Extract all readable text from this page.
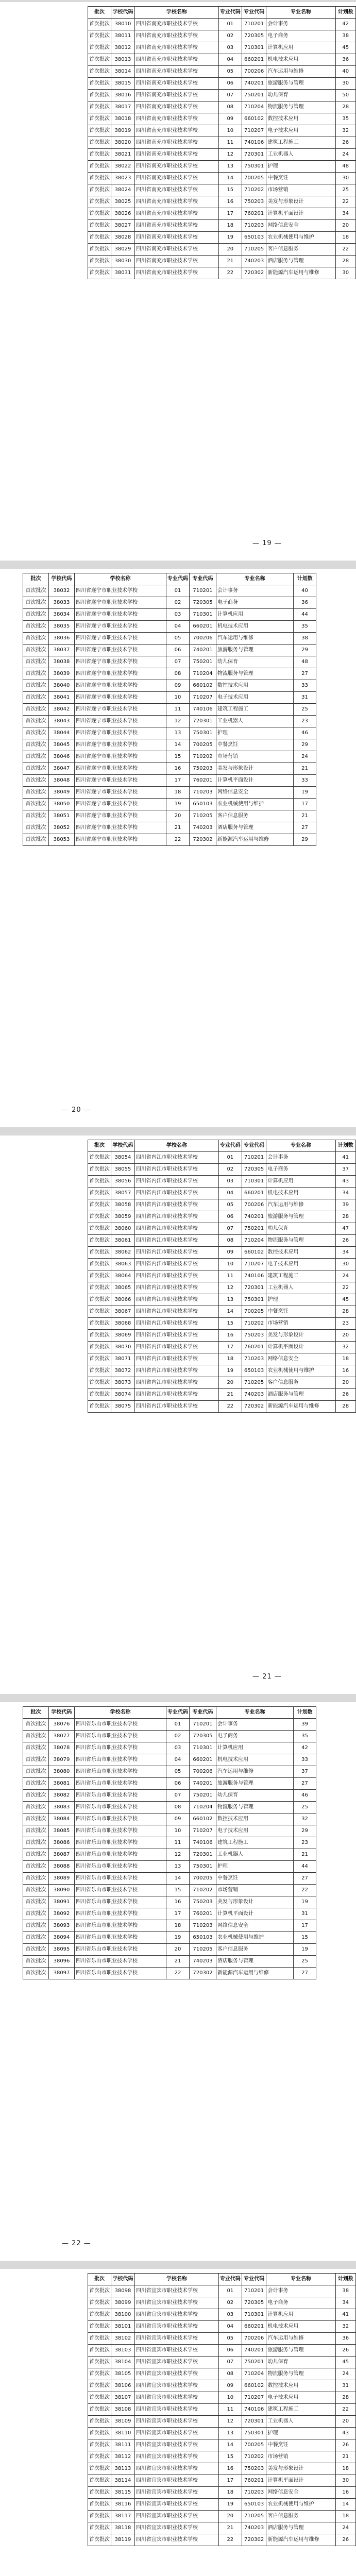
批次	学校代码	学校名称	专业代码	专业代码	专业名称	计划数
首次批次	38010	四川省南充市职业技术学校	01	710201	会计事务	42
首次批次	38011	四川省南充市职业技术学校	02	720305	电子商务	38
首次批次	38012	四川省南充市职业技术学校	03	710301	计算机应用	45
首次批次	38013	四川省南充市职业技术学校	04	660201	机电技术应用	36
首次批次	38014	四川省南充市职业技术学校	05	700206	汽车运用与维修	40
首次批次	38015	四川省南充市职业技术学校	06	740201	旅游服务与管理	30
首次批次	38016	四川省南充市职业技术学校	07	750201	幼儿保育	50
首次批次	38017	四川省南充市职业技术学校	08	710204	物流服务与管理	28
首次批次	38018	四川省南充市职业技术学校	09	660102	数控技术应用	35
首次批次	38019	四川省南充市职业技术学校	10	710207	电子技术应用	32
首次批次	38020	四川省南充市职业技术学校	11	740106	建筑工程施工	26
首次批次	38021	四川省南充市职业技术学校	12	720301	工业机器人	24
首次批次	38022	四川省南充市职业技术学校	13	750301	护理	48
首次批次	38023	四川省南充市职业技术学校	14	700205	中餐烹饪	30
首次批次	38024	四川省南充市职业技术学校	15	710202	市场营销	25
首次批次	38025	四川省南充市职业技术学校	16	750203	美发与形象设计	22
首次批次	38026	四川省南充市职业技术学校	17	760201	计算机平面设计	34
首次批次	38027	四川省南充市职业技术学校	18	710203	网络信息安全	20
首次批次	38028	四川省南充市职业技术学校	19	650103	农业机械使用与维护	18
首次批次	38029	四川省南充市职业技术学校	20	710205	客户信息服务	22
首次批次	38030	四川省南充市职业技术学校	21	740203	酒店服务与管理	28
首次批次	38031	四川省南充市职业技术学校	22	720302	新能源汽车运用与维修	30
— 19 —
批次	学校代码	学校名称	专业代码	专业代码	专业名称	计划数
首次批次	38032	四川省遂宁市职业技术学校	01	710201	会计事务	40
首次批次	38033	四川省遂宁市职业技术学校	02	720305	电子商务	36
首次批次	38034	四川省遂宁市职业技术学校	03	710301	计算机应用	44
首次批次	38035	四川省遂宁市职业技术学校	04	660201	机电技术应用	35
首次批次	38036	四川省遂宁市职业技术学校	05	700206	汽车运用与维修	38
首次批次	38037	四川省遂宁市职业技术学校	06	740201	旅游服务与管理	29
首次批次	38038	四川省遂宁市职业技术学校	07	750201	幼儿保育	48
首次批次	38039	四川省遂宁市职业技术学校	08	710204	物流服务与管理	27
首次批次	38040	四川省遂宁市职业技术学校	09	660102	数控技术应用	33
首次批次	38041	四川省遂宁市职业技术学校	10	710207	电子技术应用	31
首次批次	38042	四川省遂宁市职业技术学校	11	740106	建筑工程施工	25
首次批次	38043	四川省遂宁市职业技术学校	12	720301	工业机器人	23
首次批次	38044	四川省遂宁市职业技术学校	13	750301	护理	46
首次批次	38045	四川省遂宁市职业技术学校	14	700205	中餐烹饪	29
首次批次	38046	四川省遂宁市职业技术学校	15	710202	市场营销	24
首次批次	38047	四川省遂宁市职业技术学校	16	750203	美发与形象设计	21
首次批次	38048	四川省遂宁市职业技术学校	17	760201	计算机平面设计	33
首次批次	38049	四川省遂宁市职业技术学校	18	710203	网络信息安全	19
首次批次	38050	四川省遂宁市职业技术学校	19	650103	农业机械使用与维护	17
首次批次	38051	四川省遂宁市职业技术学校	20	710205	客户信息服务	21
首次批次	38052	四川省遂宁市职业技术学校	21	740203	酒店服务与管理	27
首次批次	38053	四川省遂宁市职业技术学校	22	720302	新能源汽车运用与维修	29
— 20 —
批次	学校代码	学校名称	专业代码	专业代码	专业名称	计划数
首次批次	38054	四川省内江市职业技术学校	01	710201	会计事务	41
首次批次	38055	四川省内江市职业技术学校	02	720305	电子商务	37
首次批次	38056	四川省内江市职业技术学校	03	710301	计算机应用	43
首次批次	38057	四川省内江市职业技术学校	04	660201	机电技术应用	34
首次批次	38058	四川省内江市职业技术学校	05	700206	汽车运用与维修	39
首次批次	38059	四川省内江市职业技术学校	06	740201	旅游服务与管理	28
首次批次	38060	四川省内江市职业技术学校	07	750201	幼儿保育	47
首次批次	38061	四川省内江市职业技术学校	08	710204	物流服务与管理	26
首次批次	38062	四川省内江市职业技术学校	09	660102	数控技术应用	34
首次批次	38063	四川省内江市职业技术学校	10	710207	电子技术应用	30
首次批次	38064	四川省内江市职业技术学校	11	740106	建筑工程施工	24
首次批次	38065	四川省内江市职业技术学校	12	720301	工业机器人	22
首次批次	38066	四川省内江市职业技术学校	13	750301	护理	45
首次批次	38067	四川省内江市职业技术学校	14	700205	中餐烹饪	28
首次批次	38068	四川省内江市职业技术学校	15	710202	市场营销	23
首次批次	38069	四川省内江市职业技术学校	16	750203	美发与形象设计	20
首次批次	38070	四川省内江市职业技术学校	17	760201	计算机平面设计	32
首次批次	38071	四川省内江市职业技术学校	18	710203	网络信息安全	18
首次批次	38072	四川省内江市职业技术学校	19	650103	农业机械使用与维护	16
首次批次	38073	四川省内江市职业技术学校	20	710205	客户信息服务	20
首次批次	38074	四川省内江市职业技术学校	21	740203	酒店服务与管理	26
首次批次	38075	四川省内江市职业技术学校	22	720302	新能源汽车运用与维修	28
— 21 —
批次	学校代码	学校名称	专业代码	专业代码	专业名称	计划数
首次批次	38076	四川省乐山市职业技术学校	01	710201	会计事务	39
首次批次	38077	四川省乐山市职业技术学校	02	720305	电子商务	35
首次批次	38078	四川省乐山市职业技术学校	03	710301	计算机应用	42
首次批次	38079	四川省乐山市职业技术学校	04	660201	机电技术应用	33
首次批次	38080	四川省乐山市职业技术学校	05	700206	汽车运用与维修	37
首次批次	38081	四川省乐山市职业技术学校	06	740201	旅游服务与管理	27
首次批次	38082	四川省乐山市职业技术学校	07	750201	幼儿保育	46
首次批次	38083	四川省乐山市职业技术学校	08	710204	物流服务与管理	25
首次批次	38084	四川省乐山市职业技术学校	09	660102	数控技术应用	32
首次批次	38085	四川省乐山市职业技术学校	10	710207	电子技术应用	29
首次批次	38086	四川省乐山市职业技术学校	11	740106	建筑工程施工	23
首次批次	38087	四川省乐山市职业技术学校	12	720301	工业机器人	21
首次批次	38088	四川省乐山市职业技术学校	13	750301	护理	44
首次批次	38089	四川省乐山市职业技术学校	14	700205	中餐烹饪	27
首次批次	38090	四川省乐山市职业技术学校	15	710202	市场营销	22
首次批次	38091	四川省乐山市职业技术学校	16	750203	美发与形象设计	19
首次批次	38092	四川省乐山市职业技术学校	17	760201	计算机平面设计	31
首次批次	38093	四川省乐山市职业技术学校	18	710203	网络信息安全	17
首次批次	38094	四川省乐山市职业技术学校	19	650103	农业机械使用与维护	15
首次批次	38095	四川省乐山市职业技术学校	20	710205	客户信息服务	19
首次批次	38096	四川省乐山市职业技术学校	21	740203	酒店服务与管理	25
首次批次	38097	四川省乐山市职业技术学校	22	720302	新能源汽车运用与维修	27
— 22 —
批次	学校代码	学校名称	专业代码	专业代码	专业名称	计划数
首次批次	38098	四川省宜宾市职业技术学校	01	710201	会计事务	38
首次批次	38099	四川省宜宾市职业技术学校	02	720305	电子商务	34
首次批次	38100	四川省宜宾市职业技术学校	03	710301	计算机应用	41
首次批次	38101	四川省宜宾市职业技术学校	04	660201	机电技术应用	32
首次批次	38102	四川省宜宾市职业技术学校	05	700206	汽车运用与维修	36
首次批次	38103	四川省宜宾市职业技术学校	06	740201	旅游服务与管理	26
首次批次	38104	四川省宜宾市职业技术学校	07	750201	幼儿保育	45
首次批次	38105	四川省宜宾市职业技术学校	08	710204	物流服务与管理	24
首次批次	38106	四川省宜宾市职业技术学校	09	660102	数控技术应用	31
首次批次	38107	四川省宜宾市职业技术学校	10	710207	电子技术应用	28
首次批次	38108	四川省宜宾市职业技术学校	11	740106	建筑工程施工	22
首次批次	38109	四川省宜宾市职业技术学校	12	720301	工业机器人	20
首次批次	38110	四川省宜宾市职业技术学校	13	750301	护理	43
首次批次	38111	四川省宜宾市职业技术学校	14	700205	中餐烹饪	26
首次批次	38112	四川省宜宾市职业技术学校	15	710202	市场营销	21
首次批次	38113	四川省宜宾市职业技术学校	16	750203	美发与形象设计	18
首次批次	38114	四川省宜宾市职业技术学校	17	760201	计算机平面设计	30
首次批次	38115	四川省宜宾市职业技术学校	18	710203	网络信息安全	16
首次批次	38116	四川省宜宾市职业技术学校	19	650103	农业机械使用与维护	14
首次批次	38117	四川省宜宾市职业技术学校	20	710205	客户信息服务	18
首次批次	38118	四川省宜宾市职业技术学校	21	740203	酒店服务与管理	24
首次批次	38119	四川省宜宾市职业技术学校	22	720302	新能源汽车运用与维修	26
